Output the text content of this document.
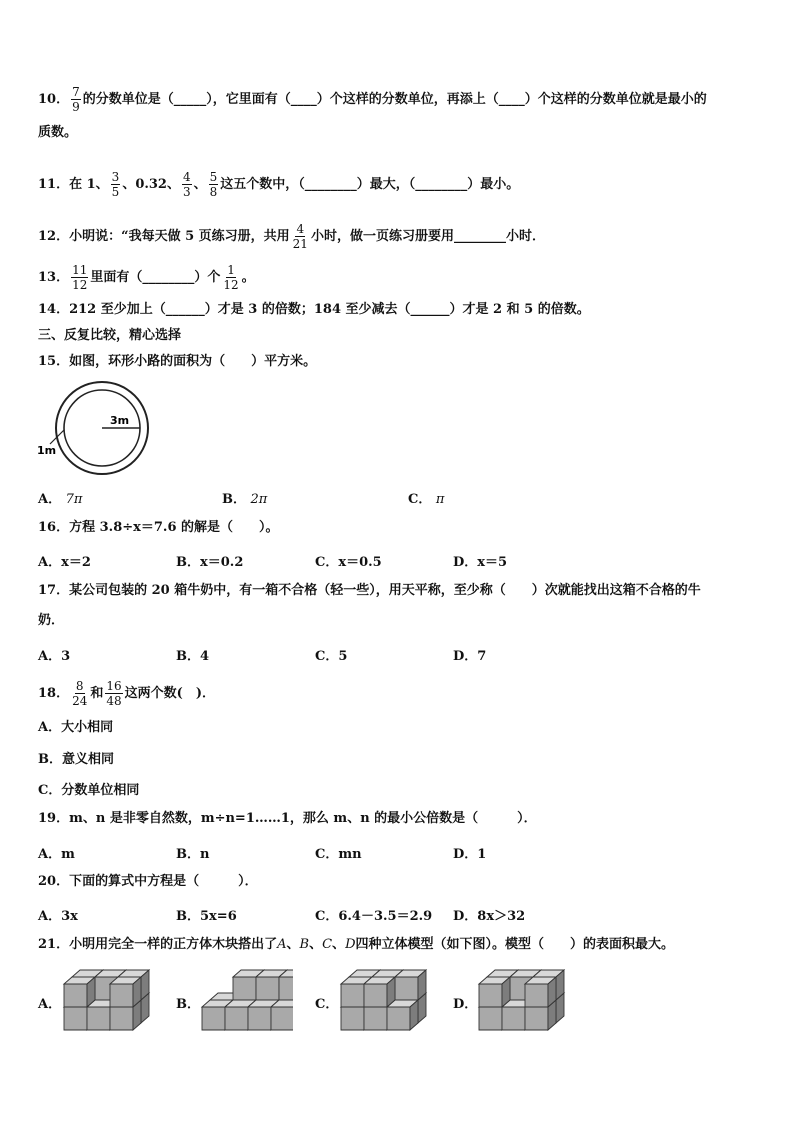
10． $\frac{7}{9}$ 的分数单位是（_____），它里面有（____）个这样的分数单位，再添上（____）个这样的分数单位就是最小的
质数。
11．在 1、 $\frac{3}{5}$ 、0.32、 $\frac{4}{3}$ 、 $\frac{5}{8}$ 这五个数中，（________）最大，（________）最小。
12．小明说：“我每天做 5 页练习册，共用 $\frac{4}{21}$ 小时，做一页练习册要用________小时．
13． $\frac{11}{12}$ 里面有（________）个 $\frac{1}{12}$ 。
14．212 至少加上（______）才是 3 的倍数；184 至少减去（______）才是 2 和 5 的倍数。
三、反复比较，精心选择
15．如图，环形小路的面积为（　　）平方米。
3m
1m
A． 7π	B． 2π	C． π
16．方程 3.8÷x＝7.6 的解是（　　）。
A．x＝2	B．x＝0.2	C．x＝0.5	D．x＝5
17．某公司包装的 20 箱牛奶中，有一箱不合格（轻一些），用天平称，至少称（　　）次就能找出这箱不合格的牛
奶．
A．3	B．4	C．5	D．7
18． $\frac{8}{24}$ 和 $\frac{16}{48}$ 这两个数(　)．
A．大小相同
B．意义相同
C．分数单位相同
19．m、n 是非零自然数，m÷n=1……1，那么 m、n 的最小公倍数是（　　　）．
A．m	B．n	C．mn	D．1
20．下面的算式中方程是（　　　）．
A．3x	B．5x=6	C．6.4－3.5＝2.9 D．8x＞32
21．小明用完全一样的正方体木块搭出了A、B、C、D四种立体模型（如下图）。模型（　　）的表面积最大。
A．	B．	C．	D．
